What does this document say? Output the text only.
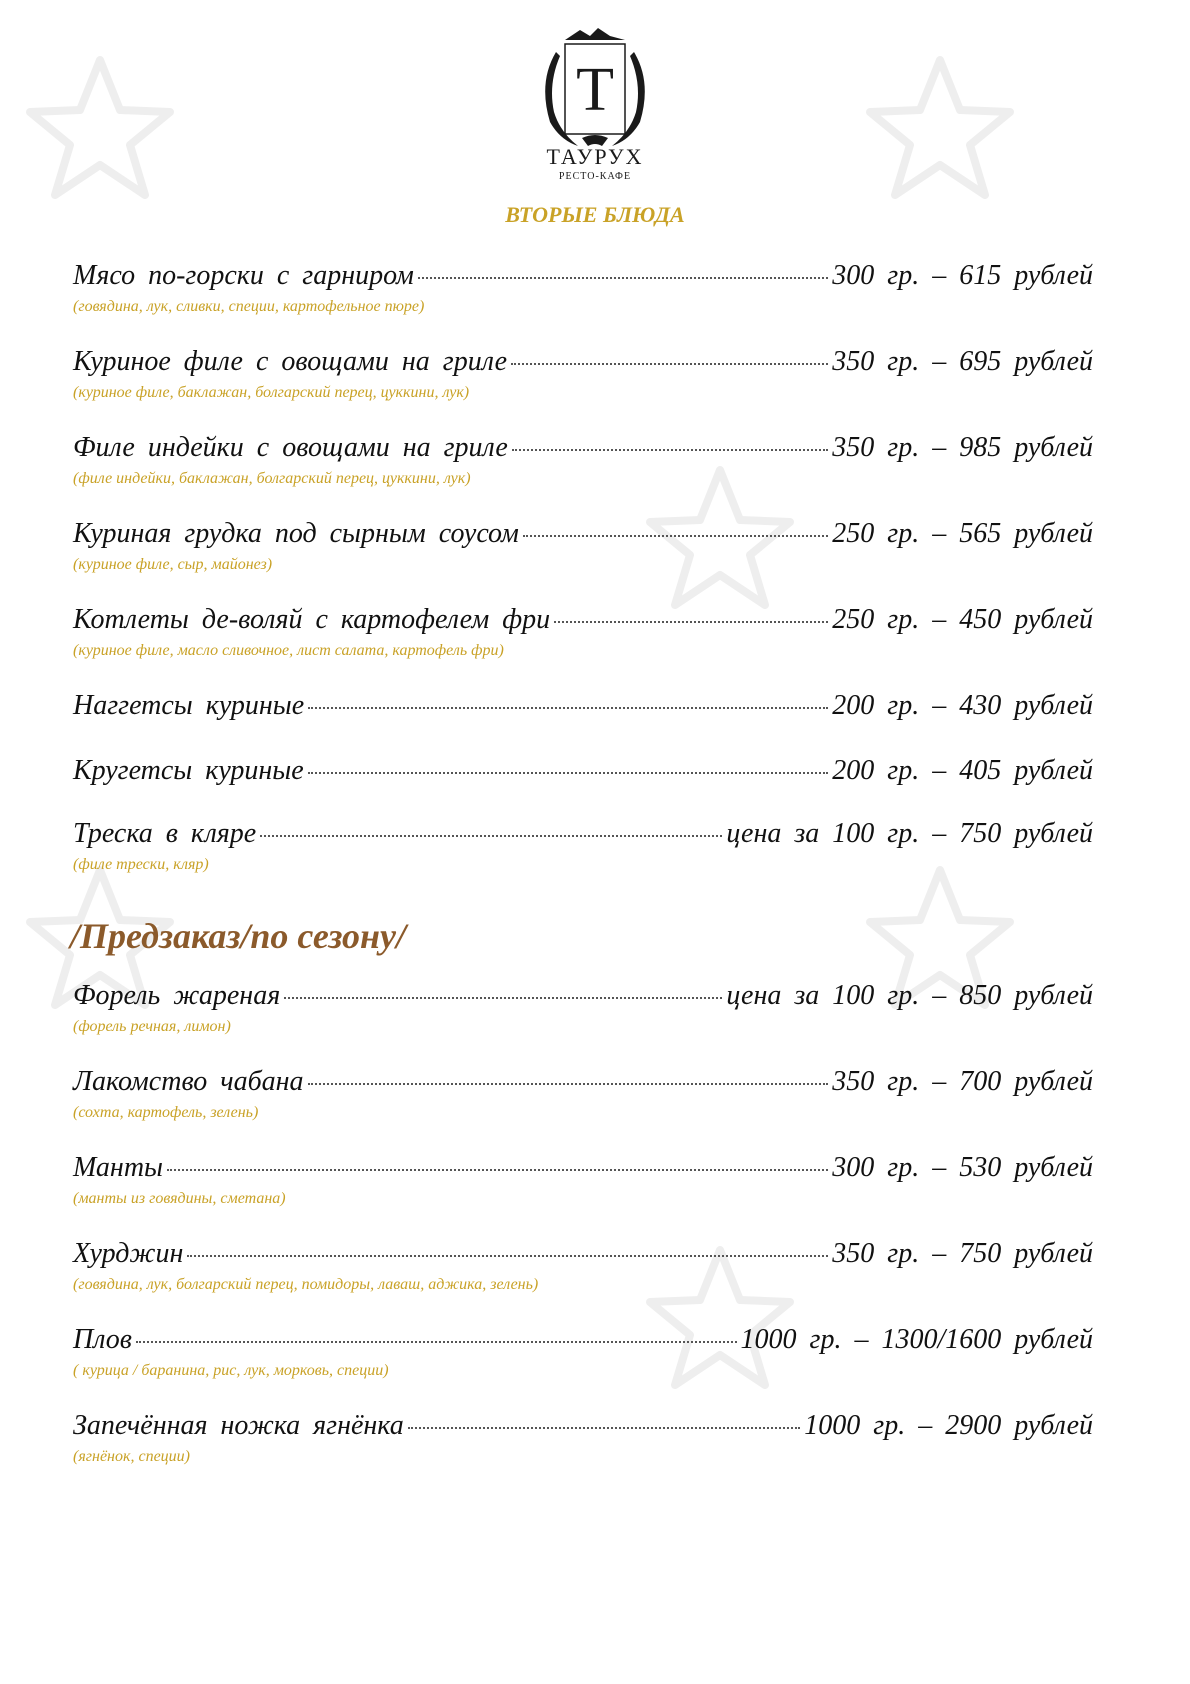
T
ТАУРУХ
РЕСТО-КАФЕ
ВТОРЫЕ БЛЮДА
Мясо по-горски с гарниром	300 гр. – 615 рублей
(говядина, лук, сливки, специи, картофельное пюре)
Куриное филе с овощами на гриле	350 гр. – 695 рублей
(куриное филе, баклажан, болгарский перец, цуккини, лук)
Филе индейки с овощами на гриле	350 гр. – 985 рублей
(филе индейки, баклажан, болгарский перец, цуккини, лук)
Куриная грудка под сырным соусом	250 гр. – 565 рублей
(куриное филе, сыр, майонез)
Котлеты де-воляй с картофелем фри	250 гр. – 450 рублей
(куриное филе, масло сливочное, лист салата, картофель фри)
Наггетсы куриные	200 гр. – 430 рублей
Кругетсы куриные	200 гр. – 405 рублей
Треска в кляре	цена за 100 гр. – 750 рублей
(филе трески, кляр)
/Предзаказ/по сезону/
Форель жареная	цена за 100 гр. – 850 рублей
(форель речная, лимон)
Лакомство чабана	350 гр. – 700 рублей
(сохта, картофель, зелень)
Манты	300 гр. – 530 рублей
(манты из говядины, сметана)
Хурджин	350 гр. – 750 рублей
(говядина, лук, болгарский перец, помидоры, лаваш, аджика, зелень)
Плов	1000 гр. – 1300/1600 рублей
( курица / баранина, рис, лук, морковь, специи)
Запечённая ножка ягнёнка	1000 гр. – 2900 рублей
(ягнёнок, специи)
